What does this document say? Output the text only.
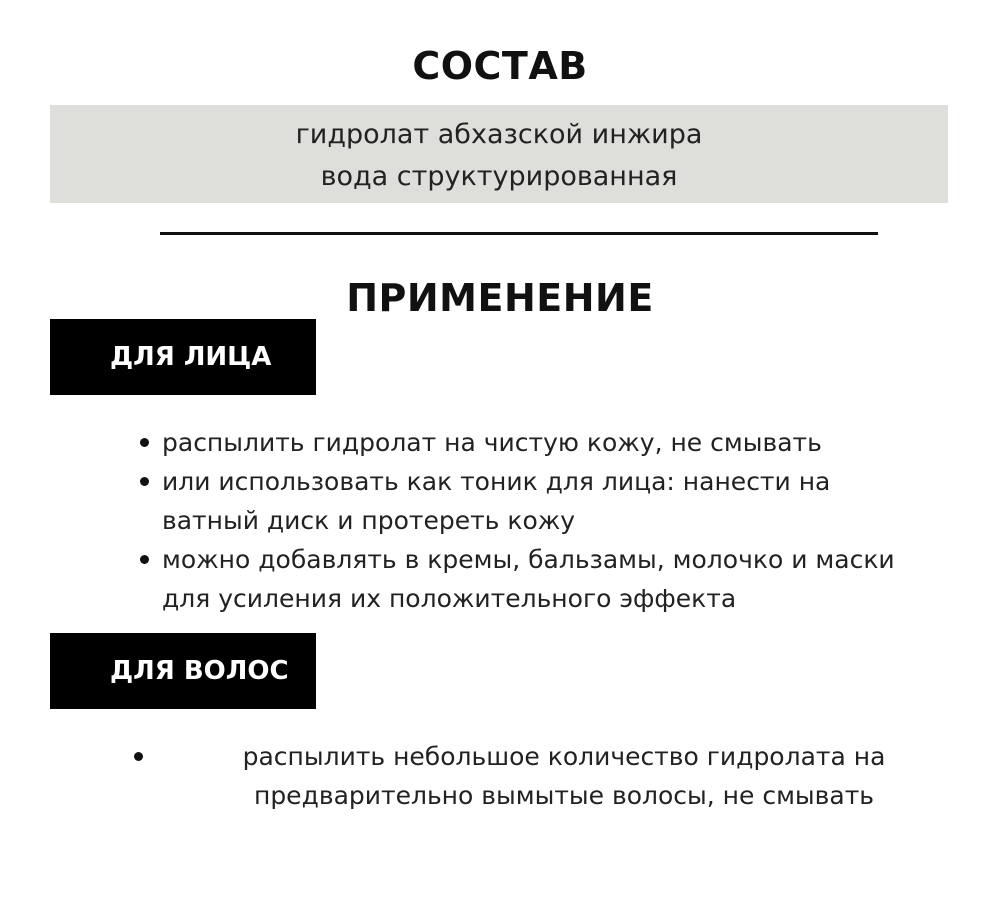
СОСТАВ
гидролат абхазской инжира
вода структурированная
ПРИМЕНЕНИЕ
ДЛЯ ЛИЦА
распылить гидролат на чистую кожу, не смывать
или использовать как тоник для лица: нанести на ватный диск и протереть кожу
можно добавлять в кремы, бальзамы, молочко и маски для усиления их положительного эффекта
ДЛЯ ВОЛОС
распылить небольшое количество гидролата на предварительно вымытые волосы, не смывать
